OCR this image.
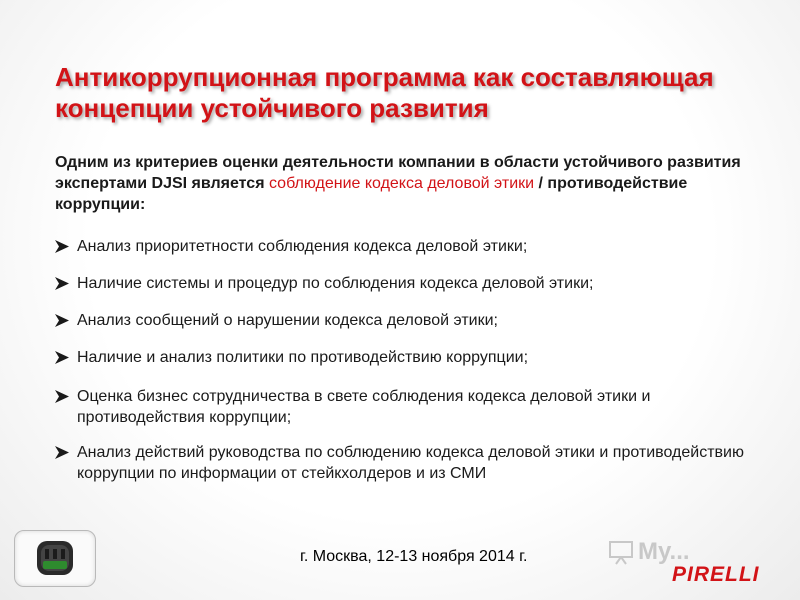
Антикоррупционная программа как составляющая концепции устойчивого развития

Одним из критериев оценки деятельности компании в области устойчивого развития экспертами DJSI является соблюдение кодекса деловой этики / противодействие коррупции:

Анализ приоритетности соблюдения кодекса деловой этики;
Наличие системы и процедур по соблюдения кодекса деловой этики;
Анализ сообщений о нарушении кодекса деловой этики;
Наличие и анализ политики по противодействию коррупции;
Оценка бизнес сотрудничества в свете соблюдения кодекса деловой этики и противодействия коррупции;
Анализ действий руководства по соблюдению кодекса деловой этики и противодействию коррупции по информации от стейкхолдеров и из СМИ
г. Москва, 12-13 ноября 2014 г.	My...
PIRELLI
